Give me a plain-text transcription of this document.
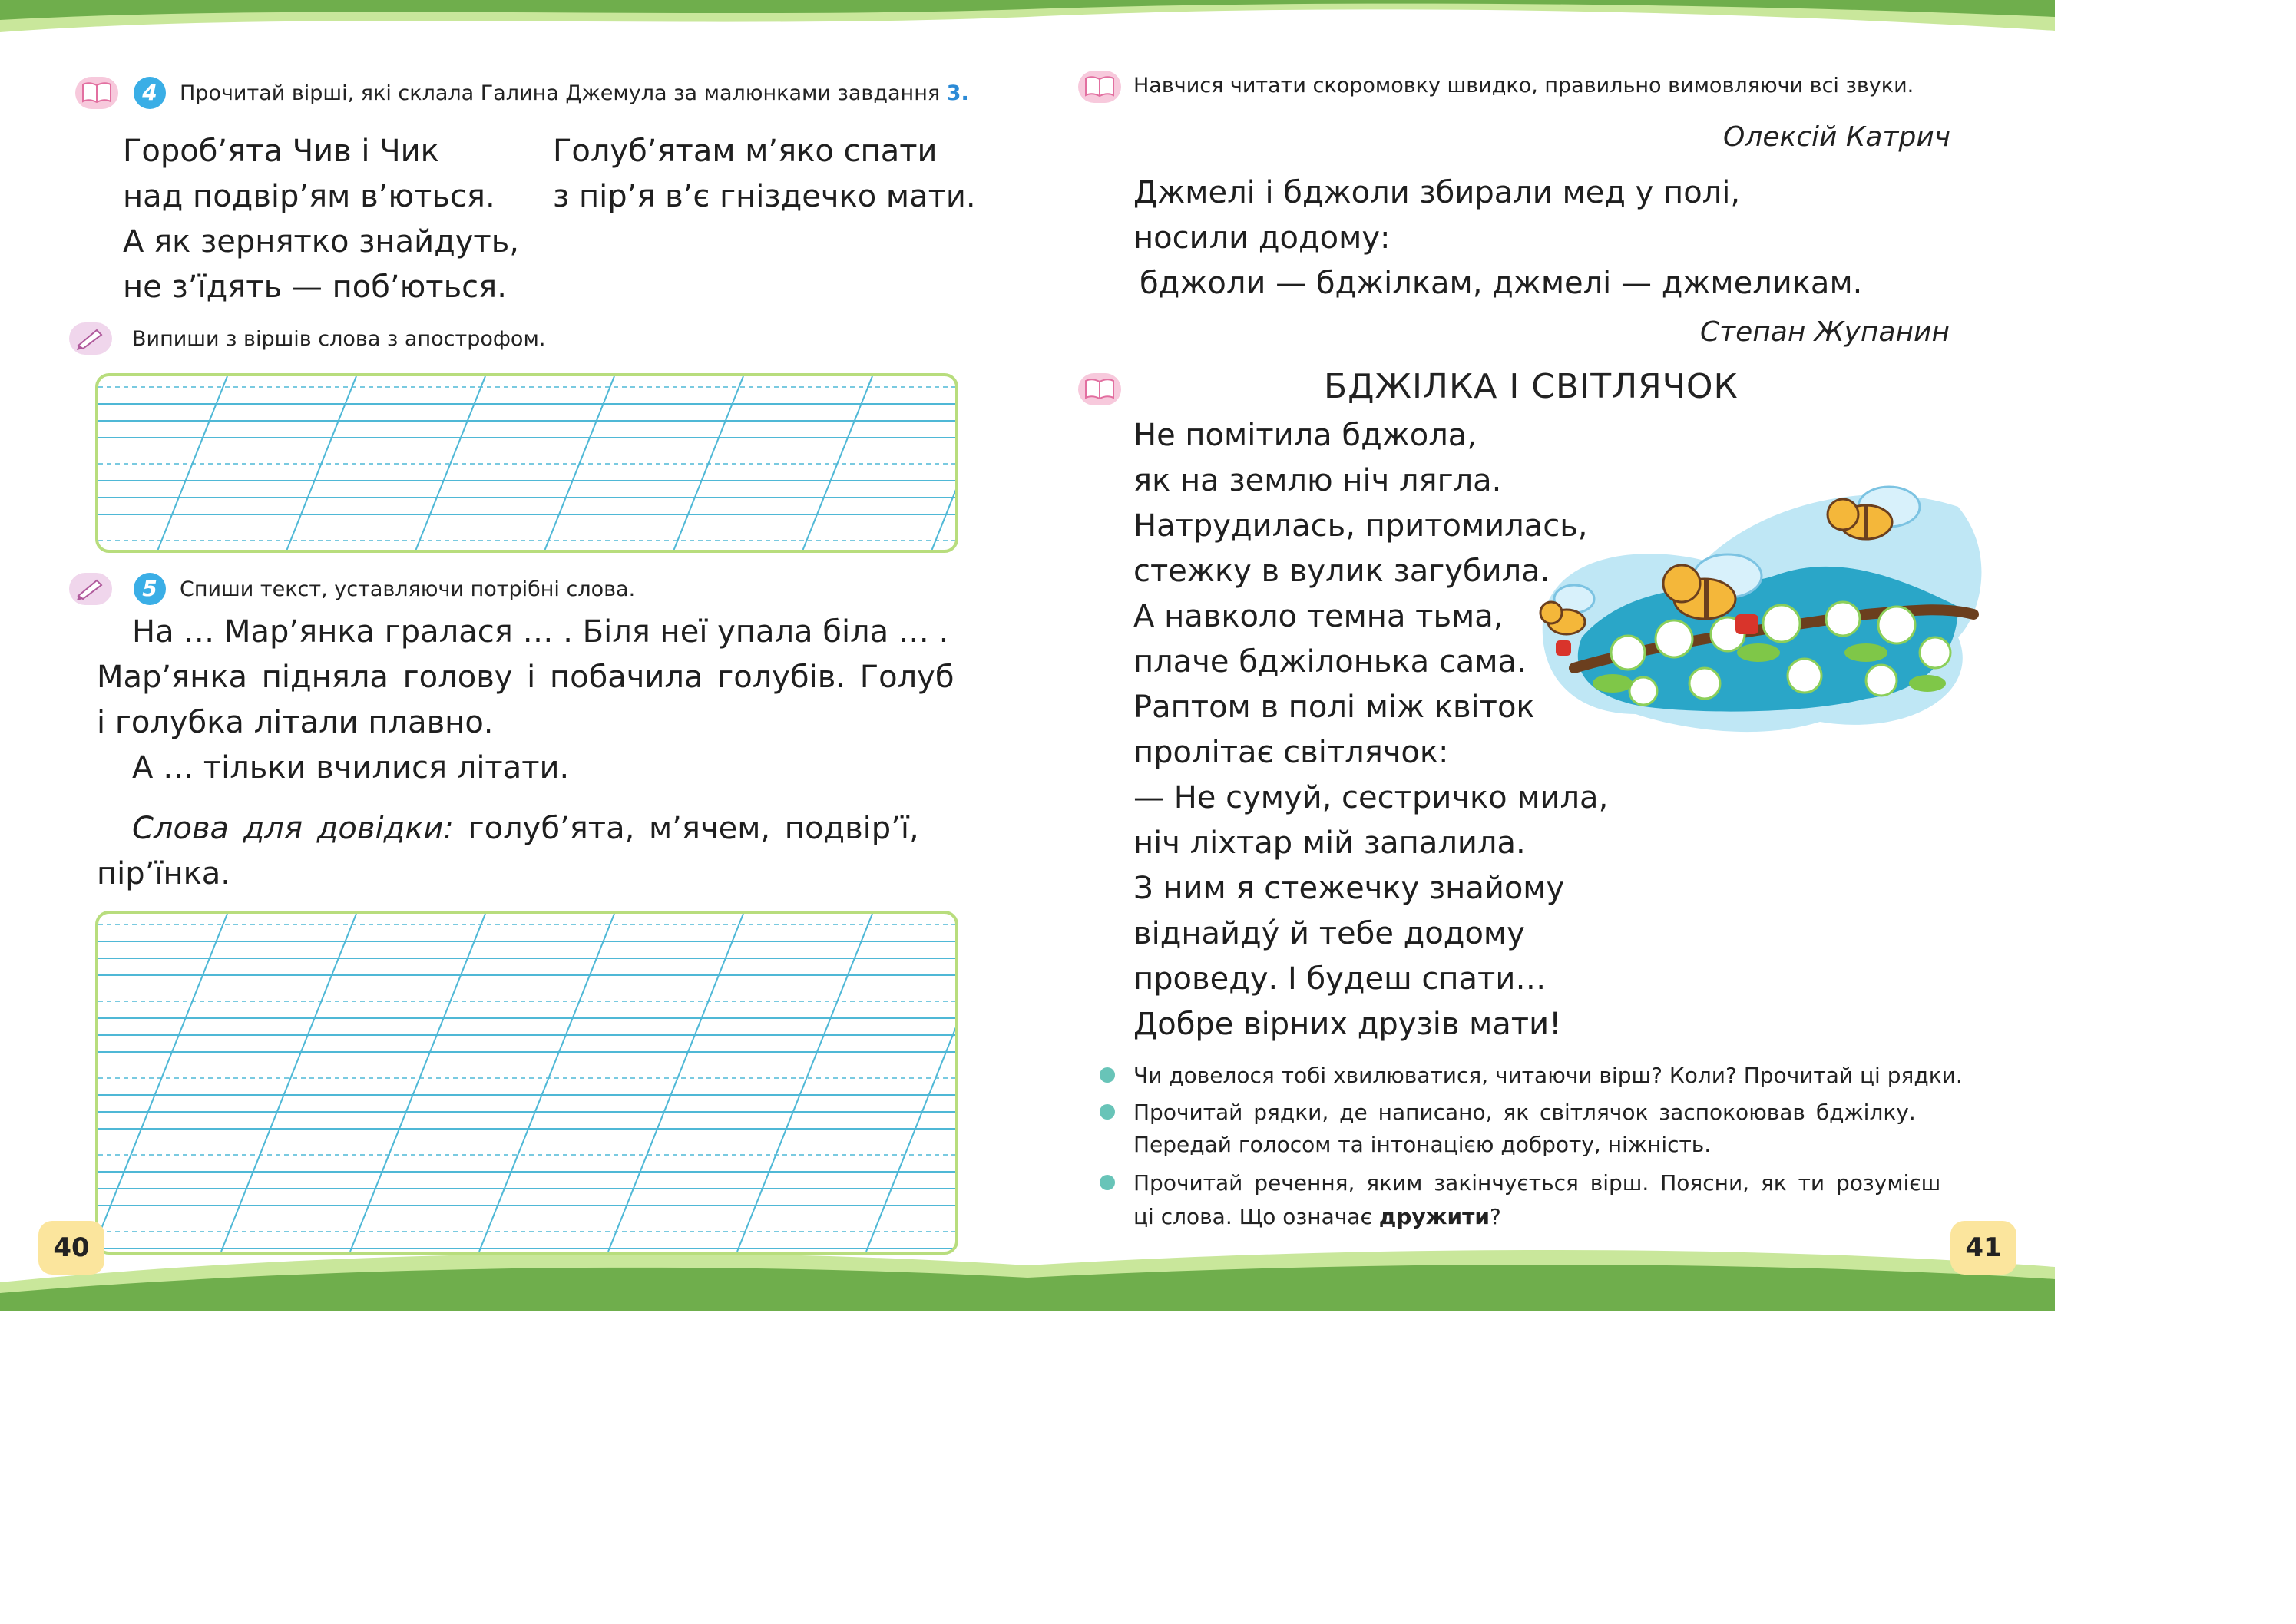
4	Прочитай вірші, які склала Галина Джемула за малюнками завдання 3.
Гороб’ята Чив і Чик
над подвір’ям в’ються.
А як зернятко знайдуть,
не з’їдять — поб’ються.
Голуб’ятам м’яко спати
з пір’я в’є гніздечко мати.
Випиши з віршів слова з апострофом.
5	Спиши текст, уставляючи потрібні слова.
На … Мар’янка гралася … . Біля неї упала біла … .
Мар’янка підняла голову і побачила голубів. Голуб
і голубка літали плавно.
А … тільки вчилися літати.
Слова для довідки: голуб’ята, м’ячем, подвір’ї,
пір’їнка.
40
Навчися читати скоромовку швидко, правильно вимовляючи всі звуки.
Олексій Катрич
Джмелі і бджоли збирали мед у полі,
носили додому:
бджоли — бджілкам, джмелі — джмеликам.
Степан Жупанин
БДЖІЛКА І СВІТЛЯЧОК
Не помітила бджола,
як на землю ніч лягла.
Натрудилась, притомилась,
стежку в вулик загубила.
А навколо темна тьма,
плаче бджілонька сама.
Раптом в полі між квіток
пролітає світлячок:
— Не сумуй, сестричко мила,
ніч ліхтар мій запалила.
З ним я стежечку знайому
віднайду́ й тебе додому
проведу. І будеш спати…
Добре вірних друзів мати!
Чи довелося тобі хвилюватися, читаючи вірш? Коли? Прочитай ці рядки.
Прочитай рядки, де написано, як світлячок заспокоював бджілку.
Передай голосом та інтонацією доброту, ніжність.
Прочитай речення, яким закінчується вірш. Поясни, як ти розумієш
ці слова. Що означає дружити?
41
